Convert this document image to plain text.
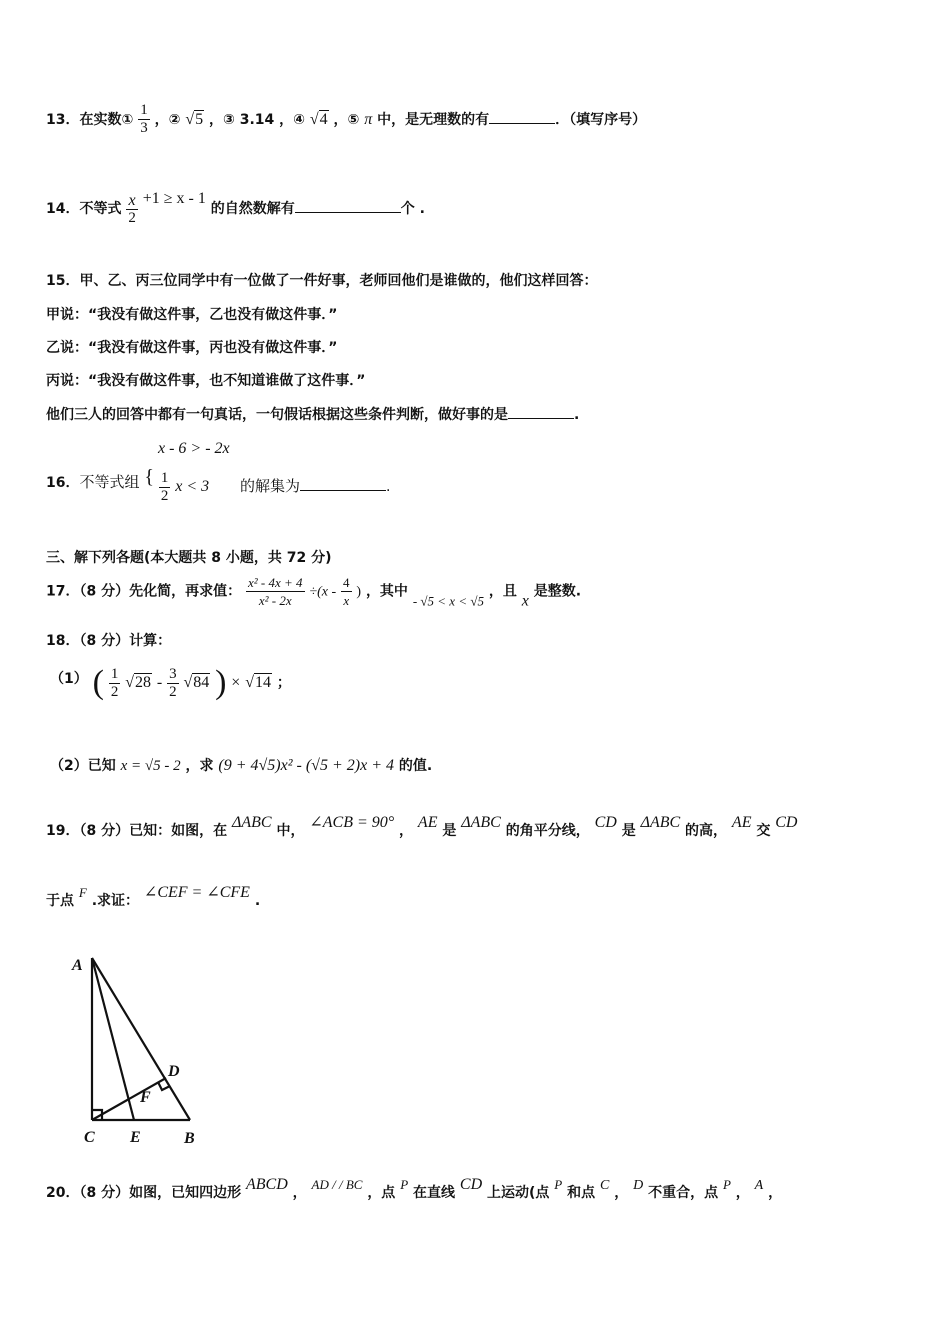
13．在实数① $\frac{1}{3}$ ，② √5 ，③ 3.14 ，④ √4 ，⑤ π 中，是无理数的有	．（填写序号）
14．不等式 $\frac{x}{2} +1 \ge x - 1$ 的自然数解有	个 .
15．甲、乙、丙三位同学中有一位做了一件好事，老师回他们是谁做的，他们这样回答：
甲说：“我没有做这件事，乙也没有做这件事．”
乙说：“我没有做这件事，丙也没有做这件事．”
丙说：“我没有做这件事，也不知道谁做了这件事．”
他们三人的回答中都有一句真话，一句假话根据这些条件判断，做好事的是	.
x - 6 > - 2x
16．不等式组 { $\frac{1}{2}$ x < 3 的解集为	.
三、解下列各题(本大题共 8 小题，共 72 分)
17．（8 分）先化简，再求值： $\frac{\text{x² - 4x + 4}}{\text{x² - 2x}} \div(x - \frac{4}{x}$ ) ，其中 - √5 < x < √5 ，且 x 是整数.
18．（8 分）计算：
（1） ( $\frac{1}{2} √28 - \frac{3}{2} √84$ ) × √14 ；
（2）已知 x = √5 - 2 ，求 (9 + 4√5)x² - (√5 + 2)x + 4 的值.
19．（8 分）已知：如图，在 ΔABC 中， ∠ACB = 90° ， AE 是 ΔABC 的角平分线， CD 是 ΔABC 的高， AE 交 CD
于点 F .求证： ∠CEF = ∠CFE .
A
C E	B
D
F
20．（8 分）如图，已知四边形 ABCD ， AD / / BC ，点 P 在直线 CD 上运动(点 P 和点 C ， D 不重合，点 P ， A ，
